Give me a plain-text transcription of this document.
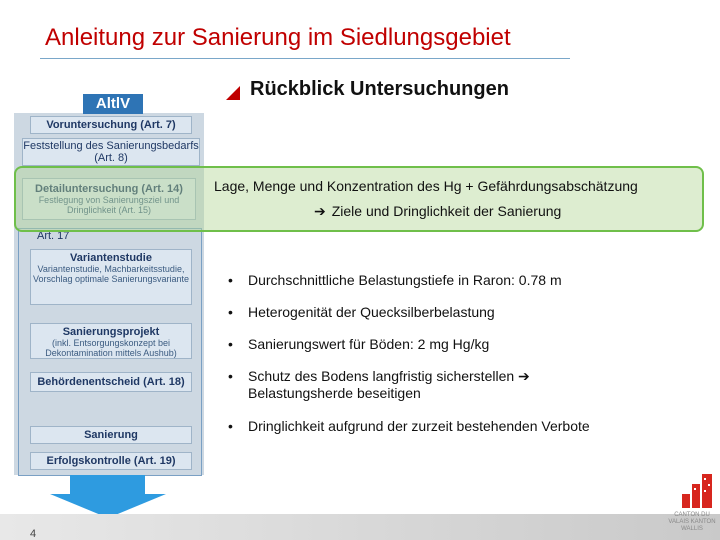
Anleitung zur Sanierung im Siedlungsgebiet
Rückblick Untersuchungen
AltlV
Voruntersuchung (Art. 7)
Feststellung des Sanierungsbedarfs (Art. 8)
Detailuntersuchung (Art. 14)
Festlegung von Sanierungsziel und Dringlichkeit (Art. 15)
Art. 17
Variantenstudie
Variantenstudie, Machbarkeitsstudie, Vorschlag optimale Sanierungsvariante
Sanierungsprojekt
(inkl. Entsorgungskonzept bei Dekontamination mittels Aushub)
Behördenentscheid (Art. 18)
Sanierung
Erfolgskontrolle (Art. 19)
Lage, Menge und Konzentration des Hg + Gefährdungsabschätzung
➔ Ziele und Dringlichkeit der Sanierung
• Durchschnittliche Belastungstiefe in Raron: 0.78 m
• Heterogenität der Quecksilberbelastung
• Sanierungswert für Böden: 2 mg Hg/kg
• Schutz des Bodens langfristig sicherstellen ➔
Belastungsherde beseitigen
• Dringlichkeit aufgrund der zurzeit bestehenden Verbote
4
CANTON DU VALAIS KANTON WALLIS
